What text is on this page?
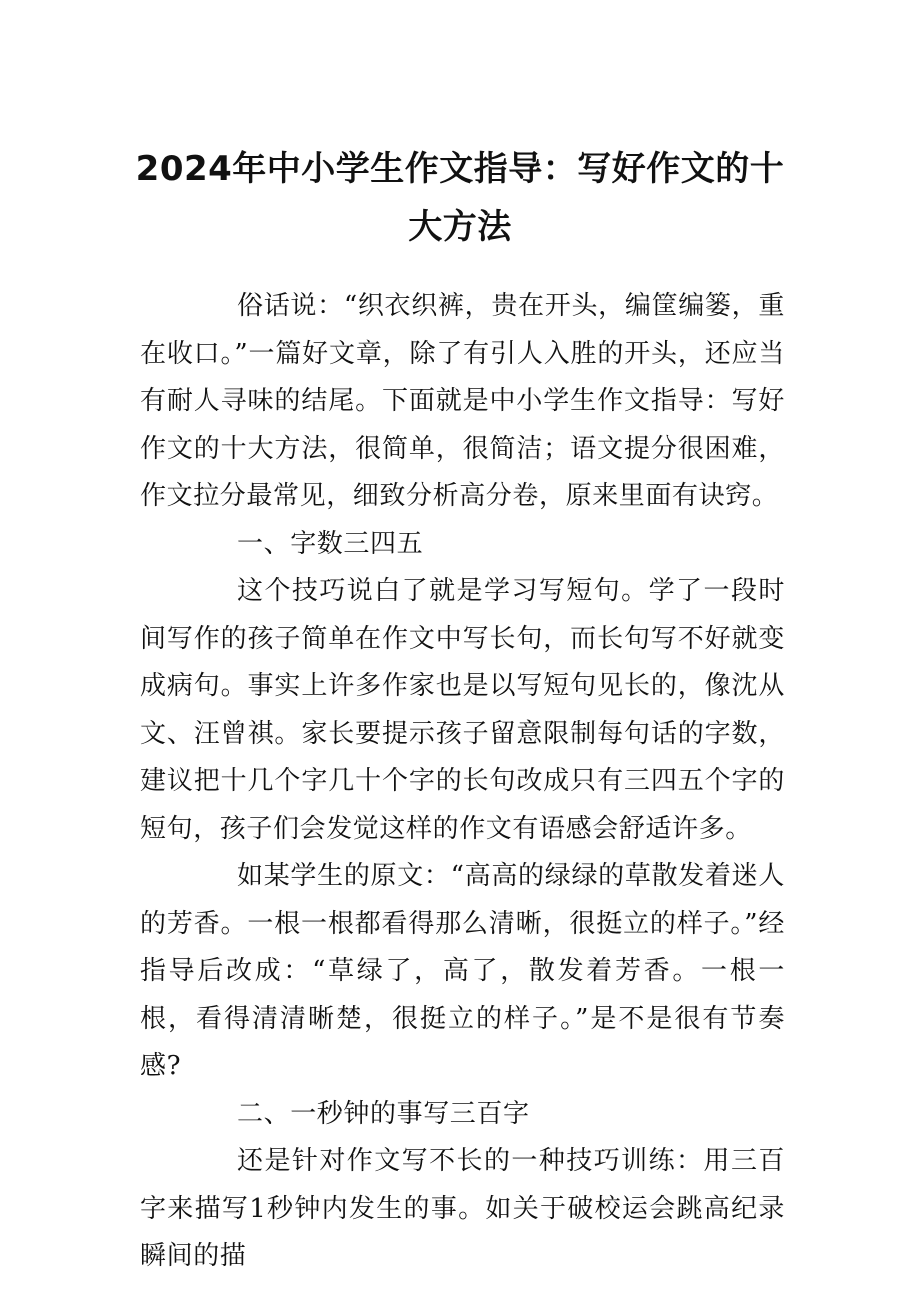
2024年中小学生作文指导：写好作文的十大方法

俗话说：“织衣织裤，贵在开头，编筐编篓，重在收口。”一篇好文章，除了有引人入胜的开头，还应当有耐人寻味的结尾。下面就是中小学生作文指导：写好作文的十大方法，很简单，很简洁；语文提分很困难，作文拉分最常见，细致分析高分卷，原来里面有诀窍。

一、字数三四五

这个技巧说白了就是学习写短句。学了一段时间写作的孩子简单在作文中写长句，而长句写不好就变成病句。事实上许多作家也是以写短句见长的，像沈从文、汪曾祺。家长要提示孩子留意限制每句话的字数，建议把十几个字几十个字的长句改成只有三四五个字的短句，孩子们会发觉这样的作文有语感会舒适许多。

如某学生的原文：“高高的绿绿的草散发着迷人的芳香。一根一根都看得那么清晰，很挺立的样子。”经指导后改成：“草绿了，高了，散发着芳香。一根一根，看得清清晰楚，很挺立的样子。”是不是很有节奏感?

二、一秒钟的事写三百字

还是针对作文写不长的一种技巧训练：用三百字来描写1秒钟内发生的事。如关于破校运会跳高纪录瞬间的描
